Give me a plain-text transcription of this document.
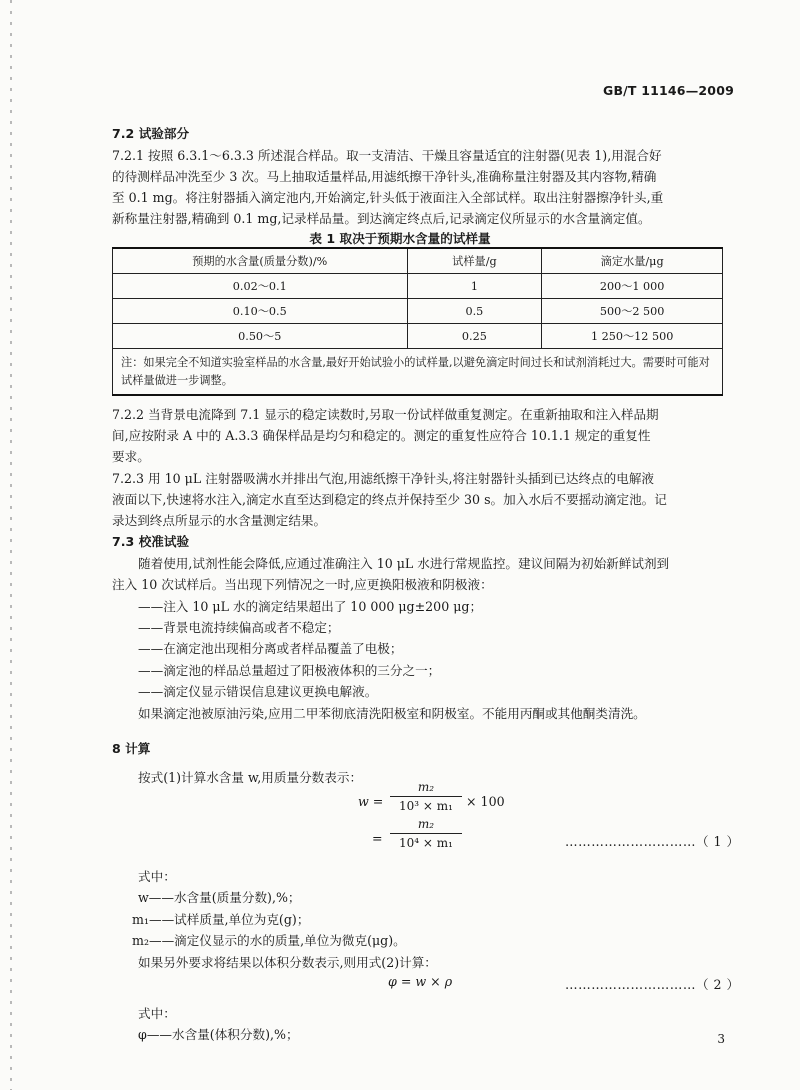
GB/T 11146—2009
7.2 试验部分
7.2.1 按照 6.3.1～6.3.3 所述混合样品。取一支清洁、干燥且容量适宜的注射器(见表 1),用混合好
的待测样品冲洗至少 3 次。马上抽取适量样品,用滤纸擦干净针头,准确称量注射器及其内容物,精确
至 0.1 mg。将注射器插入滴定池内,开始滴定,针头低于液面注入全部试样。取出注射器擦净针头,重
新称量注射器,精确到 0.1 mg,记录样品量。到达滴定终点后,记录滴定仪所显示的水含量滴定值。
表 1 取决于预期水含量的试样量
预期的水含量(质量分数)/%	试样量/g	滴定水量/μg
0.02～0.1	1	200～1 000
0.10～0.5	0.5	500～2 500
0.50～5	0.25	1 250～12 500
注：如果完全不知道实验室样品的水含量,最好开始试验小的试样量,以避免滴定时间过长和试剂消耗过大。需要时可能对试样量做进一步调整。		
7.2.2 当背景电流降到 7.1 显示的稳定读数时,另取一份试样做重复测定。在重新抽取和注入样品期
间,应按附录 A 中的 A.3.3 确保样品是均匀和稳定的。测定的重复性应符合 10.1.1 规定的重复性
要求。
7.2.3 用 10 μL 注射器吸满水并排出气泡,用滤纸擦干净针头,将注射器针头插到已达终点的电解液
液面以下,快速将水注入,滴定水直至达到稳定的终点并保持至少 30 s。加入水后不要摇动滴定池。记
录达到终点所显示的水含量测定结果。
7.3 校准试验
随着使用,试剂性能会降低,应通过准确注入 10 μL 水进行常规监控。建议间隔为初始新鲜试剂到
注入 10 次试样后。当出现下列情况之一时,应更换阳极液和阴极液：
——注入 10 μL 水的滴定结果超出了 10 000 μg±200 μg；
——背景电流持续偏高或者不稳定；
——在滴定池出现相分离或者样品覆盖了电极；
——滴定池的样品总量超过了阳极液体积的三分之一；
——滴定仪显示错误信息建议更换电解液。
如果滴定池被原油污染,应用二甲苯彻底清洗阳极室和阴极室。不能用丙酮或其他酮类清洗。
8 计算
按式(1)计算水含量 w,用质量分数表示：
w =
m₂
10³ × m₁	× 100
=
m₂
10⁴ × m₁	…………………………（ 1 ）
式中：
w——水含量(质量分数),%；
m₁——试样质量,单位为克(g)；
m₂——滴定仪显示的水的质量,单位为微克(μg)。
如果另外要求将结果以体积分数表示,则用式(2)计算：
φ = w × ρ	…………………………（ 2 ）
式中：
φ——水含量(体积分数),%；	3
